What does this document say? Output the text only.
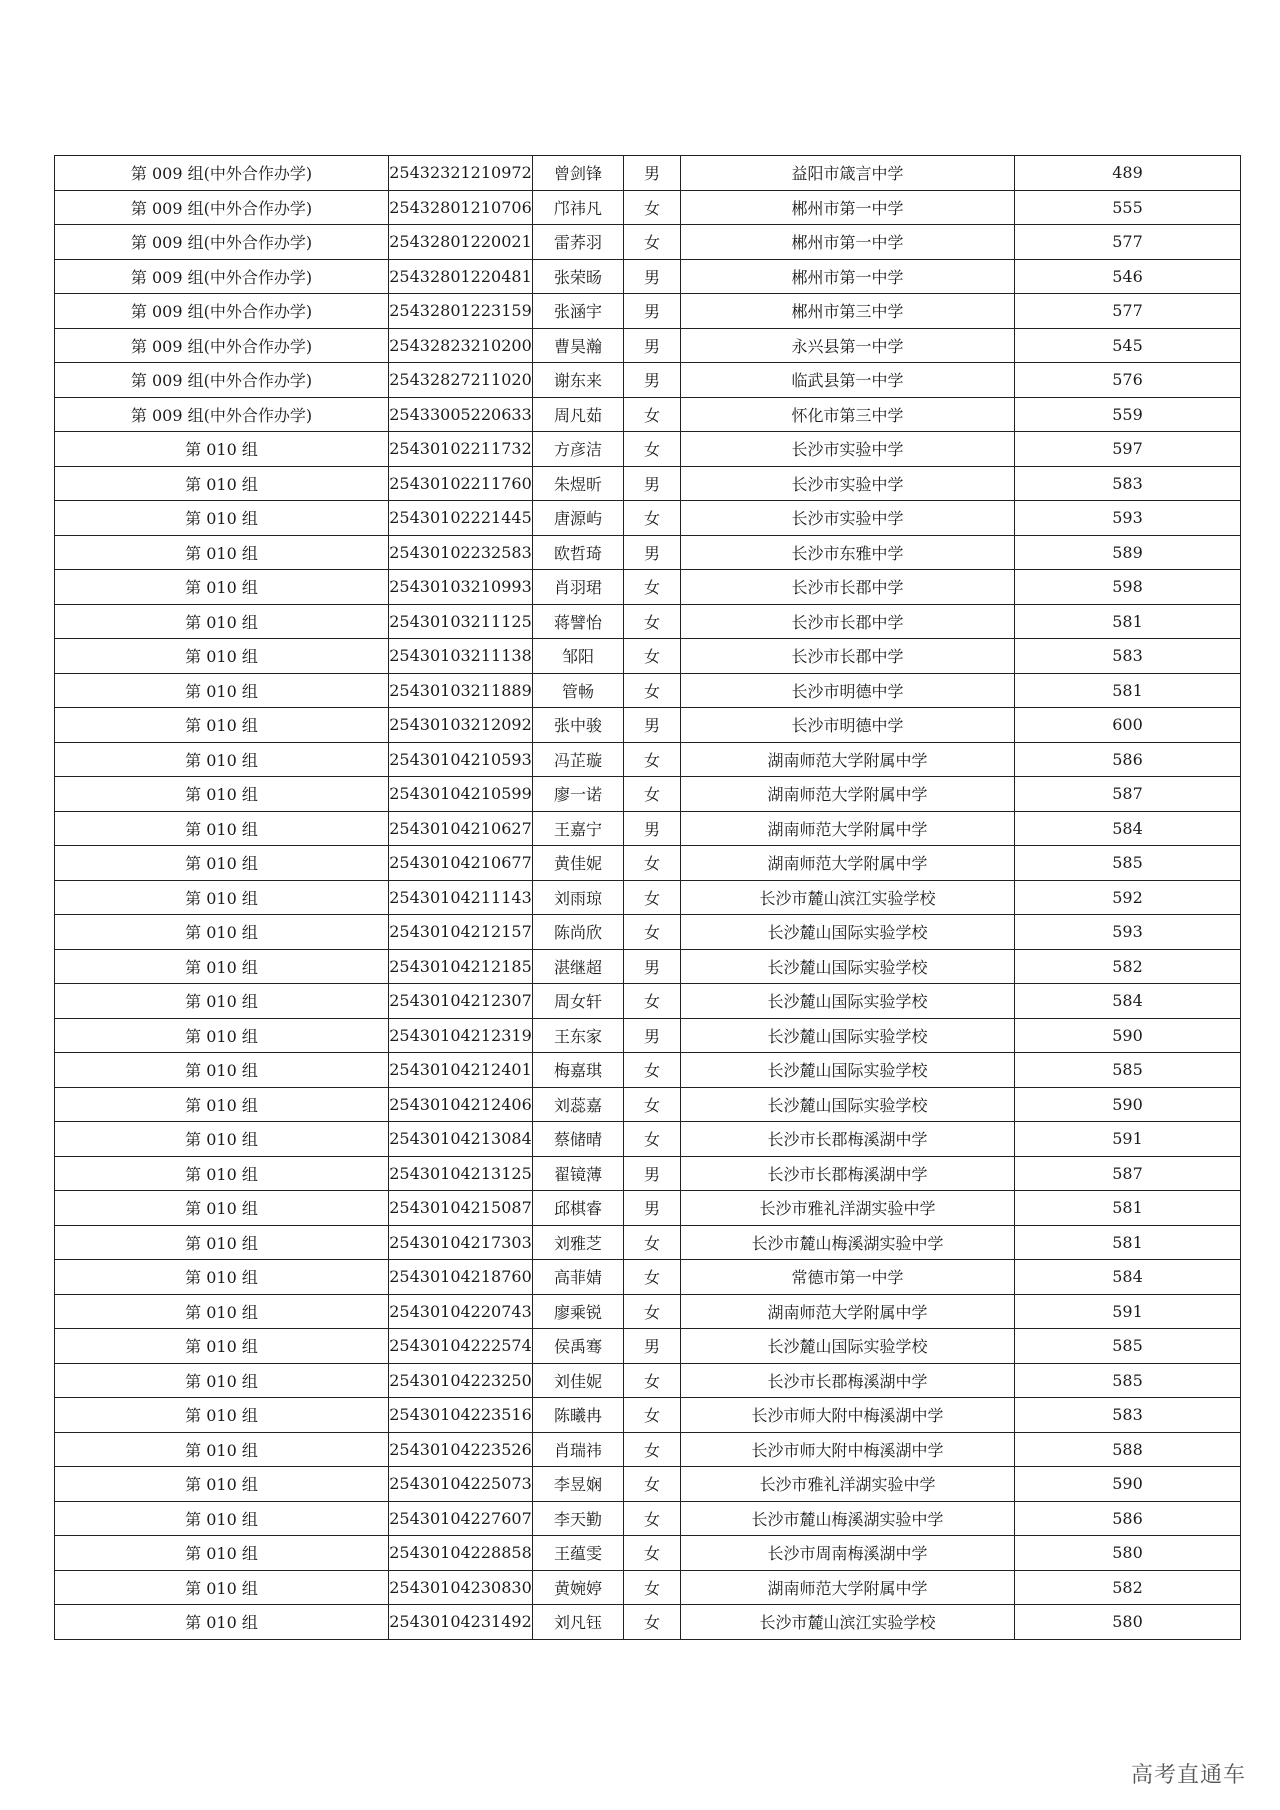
第 009 组(中外合作办学)	25432321210972	曾剑锋	男	益阳市箴言中学	489
第 009 组(中外合作办学)	25432801210706	邝祎凡	女	郴州市第一中学	555
第 009 组(中外合作办学)	25432801220021	雷荞羽	女	郴州市第一中学	577
第 009 组(中外合作办学)	25432801220481	张荣旸	男	郴州市第一中学	546
第 009 组(中外合作办学)	25432801223159	张涵宇	男	郴州市第三中学	577
第 009 组(中外合作办学)	25432823210200	曹昊瀚	男	永兴县第一中学	545
第 009 组(中外合作办学)	25432827211020	谢东来	男	临武县第一中学	576
第 009 组(中外合作办学)	25433005220633	周凡茹	女	怀化市第三中学	559
第 010 组	25430102211732	方彦洁	女	长沙市实验中学	597
第 010 组	25430102211760	朱煜昕	男	长沙市实验中学	583
第 010 组	25430102221445	唐源屿	女	长沙市实验中学	593
第 010 组	25430102232583	欧哲琦	男	长沙市东雅中学	589
第 010 组	25430103210993	肖羽珺	女	长沙市长郡中学	598
第 010 组	25430103211125	蒋譬怡	女	长沙市长郡中学	581
第 010 组	25430103211138	邹阳	女	长沙市长郡中学	583
第 010 组	25430103211889	管畅	女	长沙市明德中学	581
第 010 组	25430103212092	张中骏	男	长沙市明德中学	600
第 010 组	25430104210593	冯芷璇	女	湖南师范大学附属中学	586
第 010 组	25430104210599	廖一诺	女	湖南师范大学附属中学	587
第 010 组	25430104210627	王嘉宁	男	湖南师范大学附属中学	584
第 010 组	25430104210677	黄佳妮	女	湖南师范大学附属中学	585
第 010 组	25430104211143	刘雨琼	女	长沙市麓山滨江实验学校	592
第 010 组	25430104212157	陈尚欣	女	长沙麓山国际实验学校	593
第 010 组	25430104212185	湛继超	男	长沙麓山国际实验学校	582
第 010 组	25430104212307	周女轩	女	长沙麓山国际实验学校	584
第 010 组	25430104212319	王东家	男	长沙麓山国际实验学校	590
第 010 组	25430104212401	梅嘉琪	女	长沙麓山国际实验学校	585
第 010 组	25430104212406	刘蕊嘉	女	长沙麓山国际实验学校	590
第 010 组	25430104213084	蔡储晴	女	长沙市长郡梅溪湖中学	591
第 010 组	25430104213125	翟镜薄	男	长沙市长郡梅溪湖中学	587
第 010 组	25430104215087	邱棋睿	男	长沙市雅礼洋湖实验中学	581
第 010 组	25430104217303	刘雅芝	女	长沙市麓山梅溪湖实验中学	581
第 010 组	25430104218760	高菲婧	女	常德市第一中学	584
第 010 组	25430104220743	廖乘锐	女	湖南师范大学附属中学	591
第 010 组	25430104222574	侯禹骞	男	长沙麓山国际实验学校	585
第 010 组	25430104223250	刘佳妮	女	长沙市长郡梅溪湖中学	585
第 010 组	25430104223516	陈曦冉	女	长沙市师大附中梅溪湖中学	583
第 010 组	25430104223526	肖瑞祎	女	长沙市师大附中梅溪湖中学	588
第 010 组	25430104225073	李昱娴	女	长沙市雅礼洋湖实验中学	590
第 010 组	25430104227607	李天勤	女	长沙市麓山梅溪湖实验中学	586
第 010 组	25430104228858	王蕴雯	女	长沙市周南梅溪湖中学	580
第 010 组	25430104230830	黄婉婷	女	湖南师范大学附属中学	582
第 010 组	25430104231492	刘凡钰	女	长沙市麓山滨江实验学校	580
高考直通车
